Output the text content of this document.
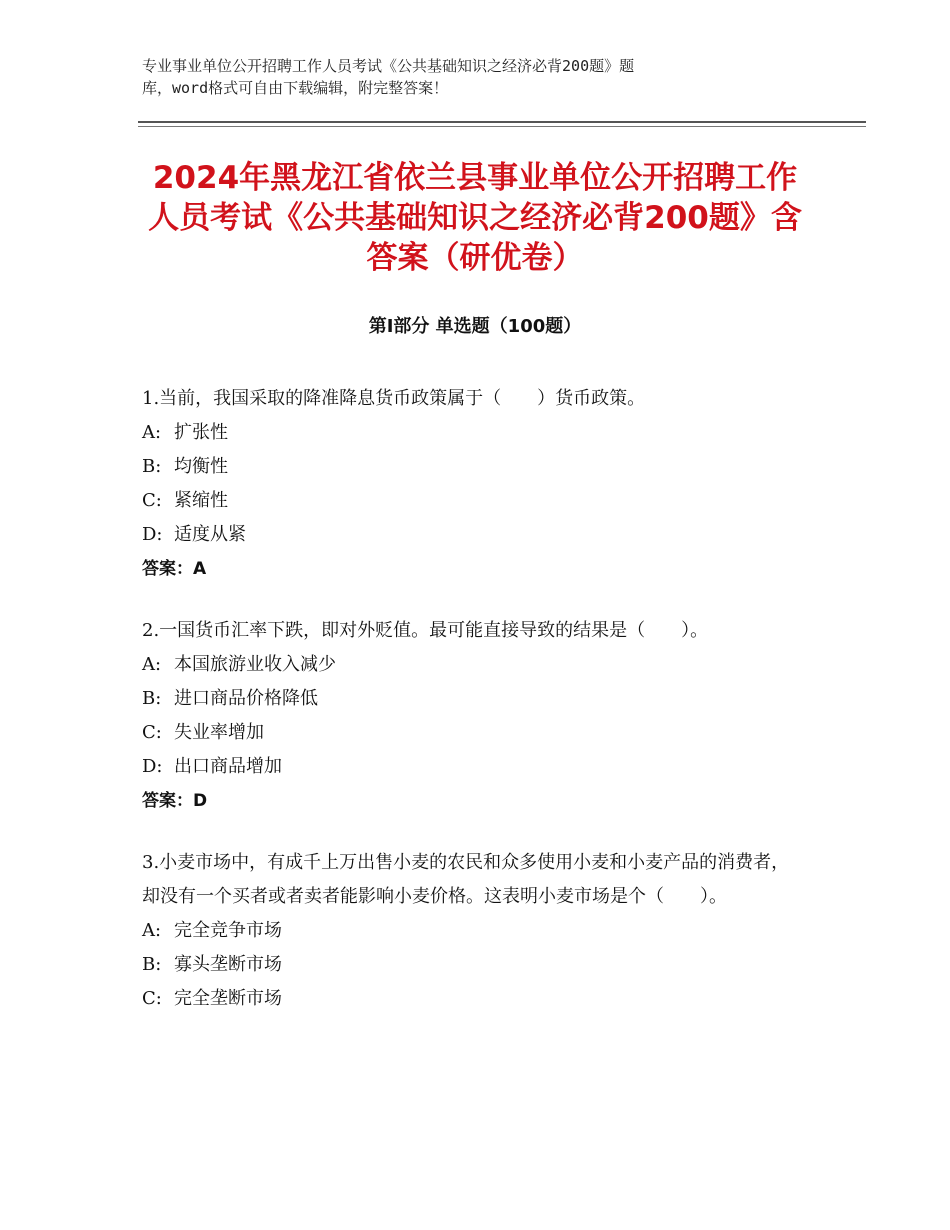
专业事业单位公开招聘工作人员考试《公共基础知识之经济必背200题》题
库，word格式可自由下载编辑，附完整答案！
2024年黑龙江省依兰县事业单位公开招聘工作人员考试《公共基础知识之经济必背200题》含答案（研优卷）
第Ⅰ部分 单选题（100题）

1.当前，我国采取的降准降息货币政策属于（　　）货币政策。

A: 扩张性

B: 均衡性

C: 紧缩性

D: 适度从紧

答案：A

2.一国货币汇率下跌，即对外贬值。最可能直接导致的结果是（　　）。

A: 本国旅游业收入减少

B: 进口商品价格降低

C: 失业率增加

D: 出口商品增加

答案：D

3.小麦市场中，有成千上万出售小麦的农民和众多使用小麦和小麦产品的消费者，却没有一个买者或者卖者能影响小麦价格。这表明小麦市场是个（　　）。

A: 完全竞争市场

B: 寡头垄断市场

C: 完全垄断市场
